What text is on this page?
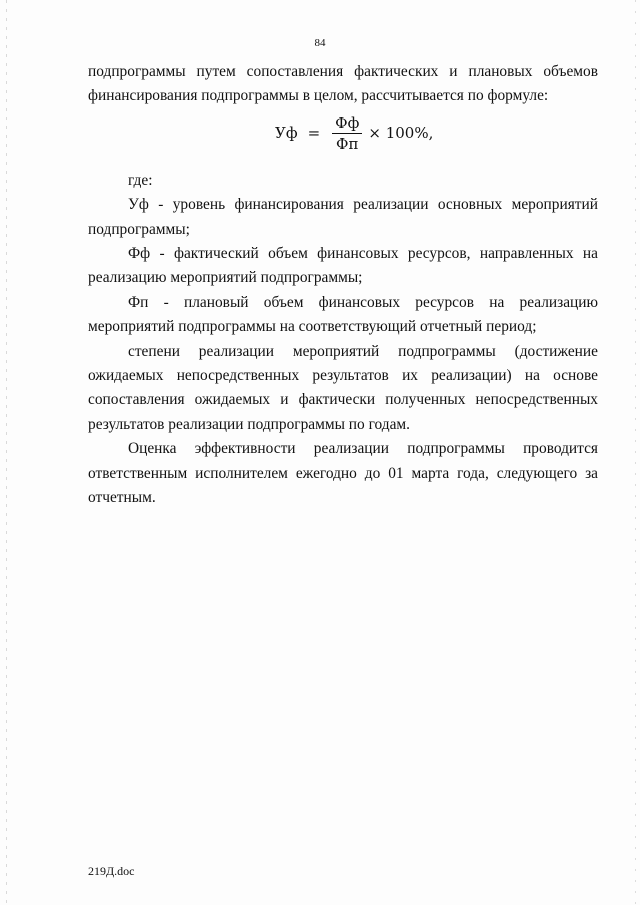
84

подпрограммы путем сопоставления фактических и плановых объемов финансирования подпрограммы в целом, рассчитывается по формуле:

Уф = $\frac{Фф}{Фп} \times 100\%$,

где:

Уф - уровень финансирования реализации основных мероприятий подпрограммы;

Фф - фактический объем финансовых ресурсов, направленных на реализацию мероприятий подпрограммы;

Фп - плановый объем финансовых ресурсов на реализацию мероприятий подпрограммы на соответствующий отчетный период;

степени реализации мероприятий подпрограммы (достижение ожидаемых непосредственных результатов их реализации) на основе сопоставления ожидаемых и фактически полученных непосредственных результатов реализации подпрограммы по годам.

Оценка эффективности реализации подпрограммы проводится ответственным исполнителем ежегодно до 01 марта года, следующего за отчетным.

219Д.doc
